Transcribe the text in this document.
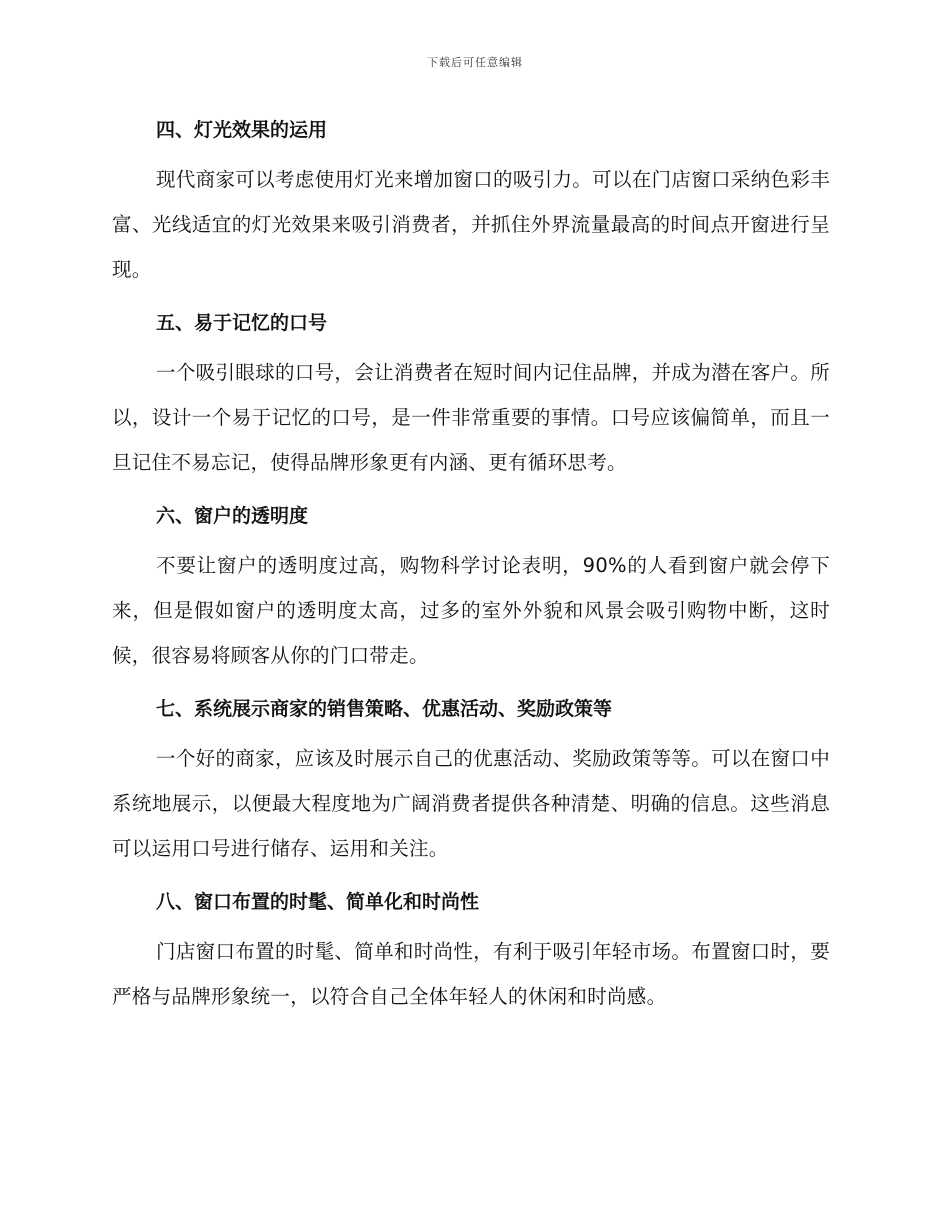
下载后可任意编辑
四、灯光效果的运用

现代商家可以考虑使用灯光来增加窗口的吸引力。可以在门店窗口采纳色彩丰富、光线适宜的灯光效果来吸引消费者，并抓住外界流量最高的时间点开窗进行呈现。

五、易于记忆的口号

一个吸引眼球的口号，会让消费者在短时间内记住品牌，并成为潜在客户。所以，设计一个易于记忆的口号，是一件非常重要的事情。口号应该偏简单，而且一旦记住不易忘记，使得品牌形象更有内涵、更有循环思考。

六、窗户的透明度

不要让窗户的透明度过高，购物科学讨论表明，90%的人看到窗户就会停下来，但是假如窗户的透明度太高，过多的室外外貌和风景会吸引购物中断，这时候，很容易将顾客从你的门口带走。

七、系统展示商家的销售策略、优惠活动、奖励政策等

一个好的商家，应该及时展示自己的优惠活动、奖励政策等等。可以在窗口中系统地展示，以便最大程度地为广阔消费者提供各种清楚、明确的信息。这些消息可以运用口号进行储存、运用和关注。

八、窗口布置的时髦、简单化和时尚性

门店窗口布置的时髦、简单和时尚性，有利于吸引年轻市场。布置窗口时，要严格与品牌形象统一，以符合自己全体年轻人的休闲和时尚感。
